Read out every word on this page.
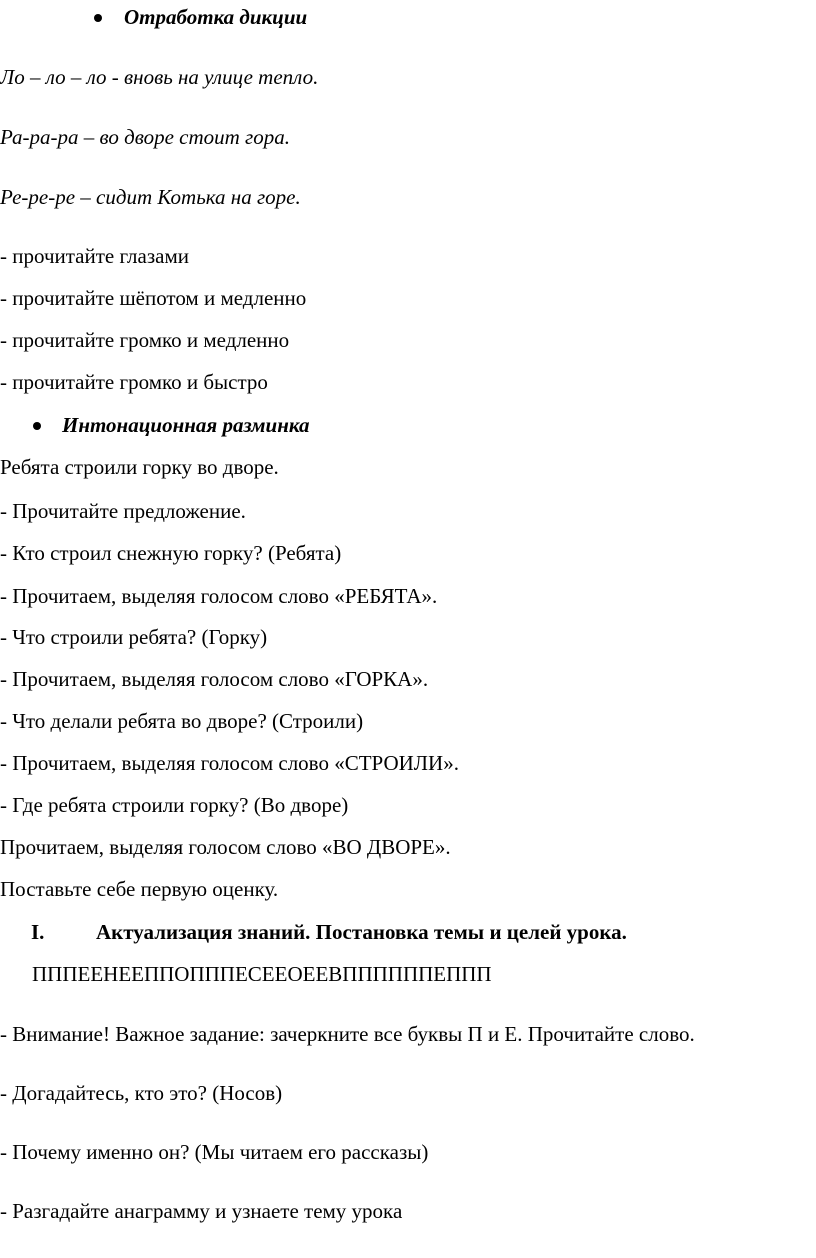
Отработка дикции
Ло – ло – ло - вновь на улице тепло.
Ра-ра-ра – во дворе стоит гора.
Ре-ре-ре – сидит Котька на горе.
- прочитайте глазами
- прочитайте шёпотом и медленно
- прочитайте громко и медленно
- прочитайте громко и быстро
Интонационная разминка
Ребята строили горку во дворе.
- Прочитайте предложение.
- Кто строил снежную горку? (Ребята)
- Прочитаем, выделяя голосом слово «РЕБЯТА».
- Что строили ребята? (Горку)
- Прочитаем, выделяя голосом слово «ГОРКА».
- Что делали ребята во дворе? (Строили)
- Прочитаем, выделяя голосом слово «СТРОИЛИ».
- Где ребята строили горку? (Во дворе)
Прочитаем, выделяя голосом слово «ВО ДВОРЕ».
Поставьте себе первую оценку.
I. Актуализация знаний. Постановка темы и целей урока.
ПППЕЕНЕЕППОПППЕСЕЕОЕЕВППППППЕППП
- Внимание! Важное задание: зачеркните все буквы П и Е. Прочитайте слово.
- Догадайтесь, кто это? (Носов)
- Почему именно он? (Мы читаем его рассказы)
- Разгадайте анаграмму и узнаете тему урока
